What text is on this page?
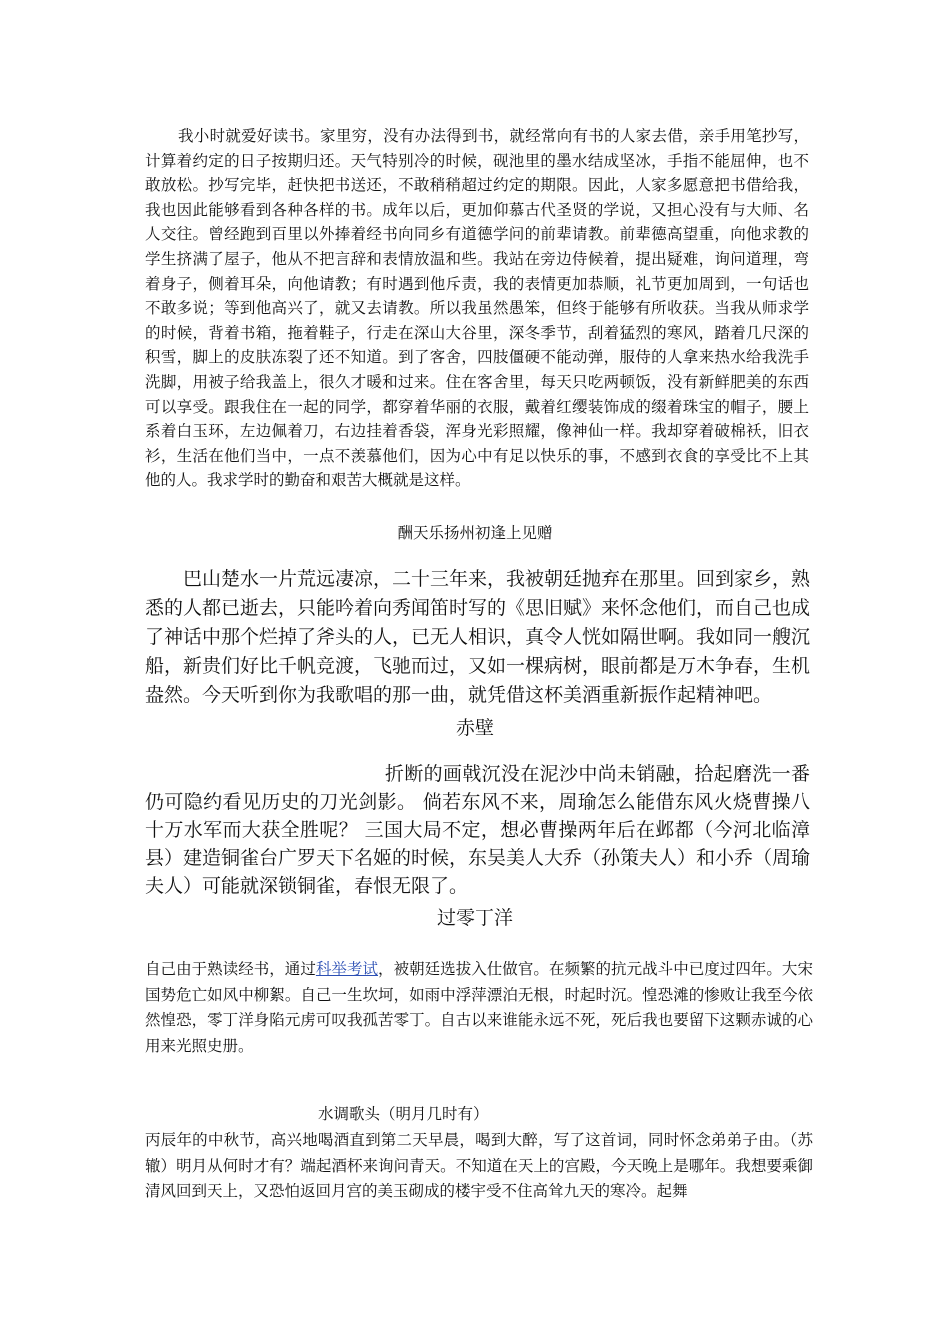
我小时就爱好读书。家里穷，没有办法得到书，就经常向有书的人家去借，亲手用笔抄写，计算着约定的日子按期归还。天气特别冷的时候，砚池里的墨水结成坚冰，手指不能屈伸，也不敢放松。抄写完毕，赶快把书送还，不敢稍稍超过约定的期限。因此，人家多愿意把书借给我，我也因此能够看到各种各样的书。成年以后，更加仰慕古代圣贤的学说，又担心没有与大师、名人交往。曾经跑到百里以外捧着经书向同乡有道德学问的前辈请教。前辈德高望重，向他求教的学生挤满了屋子，他从不把言辞和表情放温和些。我站在旁边侍候着，提出疑难，询问道理，弯着身子，侧着耳朵，向他请教；有时遇到他斥责，我的表情更加恭顺，礼节更加周到，一句话也不敢多说；等到他高兴了，就又去请教。所以我虽然愚笨，但终于能够有所收获。当我从师求学的时候，背着书箱，拖着鞋子，行走在深山大谷里，深冬季节，刮着猛烈的寒风，踏着几尺深的积雪，脚上的皮肤冻裂了还不知道。到了客舍，四肢僵硬不能动弹，服侍的人拿来热水给我洗手洗脚，用被子给我盖上，很久才暖和过来。住在客舍里，每天只吃两顿饭，没有新鲜肥美的东西可以享受。跟我住在一起的同学，都穿着华丽的衣服，戴着红缨装饰成的缀着珠宝的帽子，腰上系着白玉环，左边佩着刀，右边挂着香袋，浑身光彩照耀，像神仙一样。我却穿着破棉袄，旧衣衫，生活在他们当中，一点不羡慕他们，因为心中有足以快乐的事，不感到衣食的享受比不上其他的人。我求学时的勤奋和艰苦大概就是这样。

酬天乐扬州初逢上见赠

巴山楚水一片荒远凄凉，二十三年来，我被朝廷抛弃在那里。回到家乡，熟悉的人都已逝去，只能吟着向秀闻笛时写的《思旧赋》来怀念他们，而自己也成了神话中那个烂掉了斧头的人，已无人相识，真令人恍如隔世啊。我如同一艘沉船，新贵们好比千帆竞渡，飞驰而过，又如一棵病树，眼前都是万木争春，生机盎然。今天听到你为我歌唱的那一曲，就凭借这杯美酒重新振作起精神吧。

赤壁

折断的画戟沉没在泥沙中尚未销融，拾起磨洗一番仍可隐约看见历史的刀光剑影。 倘若东风不来，周瑜怎么能借东风火烧曹操八十万水军而大获全胜呢？ 三国大局不定，想必曹操两年后在邺都（今河北临漳县）建造铜雀台广罗天下名姬的时候，东吴美人大乔（孙策夫人）和小乔（周瑜夫人）可能就深锁铜雀，春恨无限了。

过零丁洋

自己由于熟读经书，通过科举考试，被朝廷选拔入仕做官。在频繁的抗元战斗中已度过四年。大宋国势危亡如风中柳絮。自己一生坎坷，如雨中浮萍漂泊无根，时起时沉。惶恐滩的惨败让我至今依然惶恐，零丁洋身陷元虏可叹我孤苦零丁。自古以来谁能永远不死，死后我也要留下这颗赤诚的心用来光照史册。

水调歌头（明月几时有）

丙辰年的中秋节，高兴地喝酒直到第二天早晨，喝到大醉，写了这首词，同时怀念弟弟子由。（苏辙）明月从何时才有？端起酒杯来询问青天。不知道在天上的宫殿，今天晚上是哪年。我想要乘御清风回到天上，又恐怕返回月宫的美玉砌成的楼宇受不住高耸九天的寒冷。起舞
